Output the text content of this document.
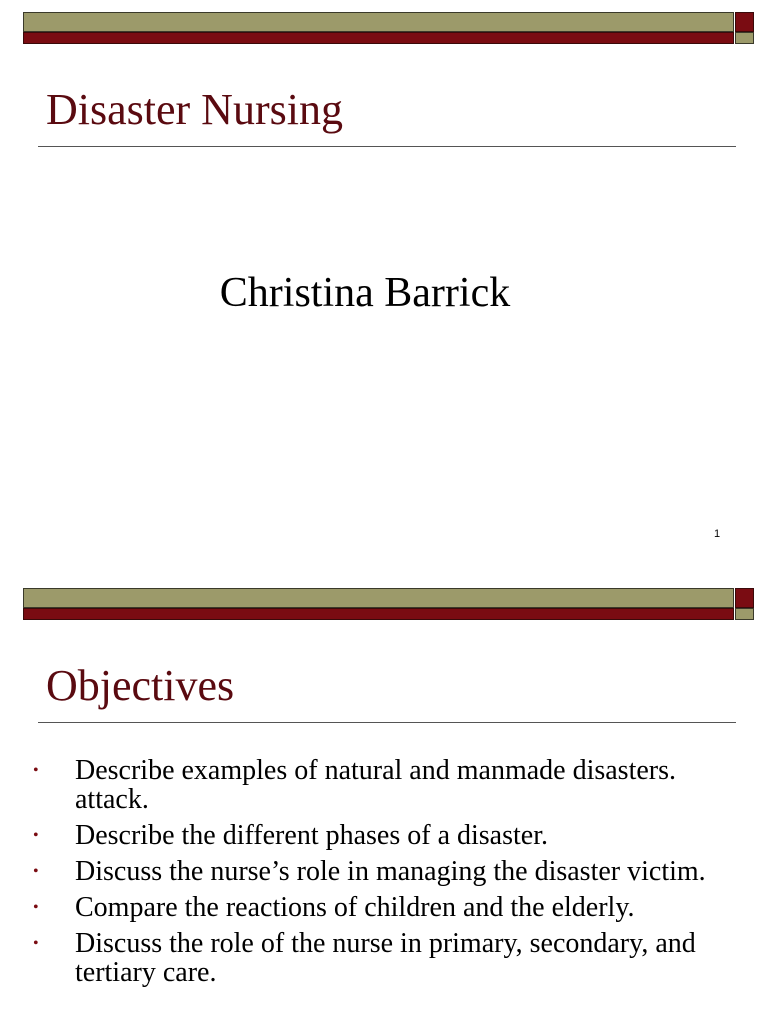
Disaster Nursing
Christina Barrick
1
Objectives
• Describe examples of natural and manmade disasters. attack.
• Describe the different phases of a disaster.
• Discuss the nurse’s role in managing the disaster victim.
• Compare the reactions of children and the elderly.
• Discuss the role of the nurse in primary, secondary, and tertiary care.
